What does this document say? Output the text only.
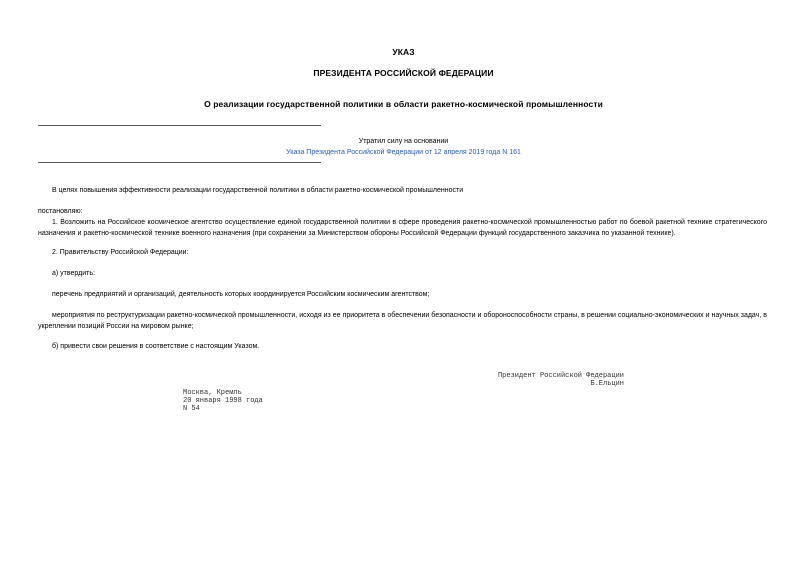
УКАЗ
ПРЕЗИДЕНТА РОССИЙСКОЙ ФЕДЕРАЦИИ
О реализации государственной политики в области ракетно-космической промышленности
Утратил силу на основании
Указа Президента Российской Федерации от 12 апреля 2019 года N 161
В целях повышения эффективности реализации государственной политики в области ракетно-космической промышленности
постановляю:
1. Возложить на Российское космическое агентство осуществление единой государственной политики в сфере проведения ракетно-космической промышленностью работ по боевой ракетной технике стратегического назначения и ракетно-космической технике военного назначения (при сохранении за Министерством обороны Российской Федерации функций государственного заказчика по указанной технике).
2. Правительству Российской Федерации:
а) утвердить:
перечень предприятий и организаций, деятельность которых координируется Российским космическим агентством;
мероприятия по реструктуризации ракетно-космической промышленности, исходя из ее приоритета в обеспечении безопасности и обороноспособности страны, в решении социально-экономических и научных задач, в укреплении позиций России на мировом рынке;
б) привести свои решения в соответствие с настоящим Указом.
Президент Российской Федерации
Б.Ельцин
Москва, Кремль
20 января 1998 года
N 54
